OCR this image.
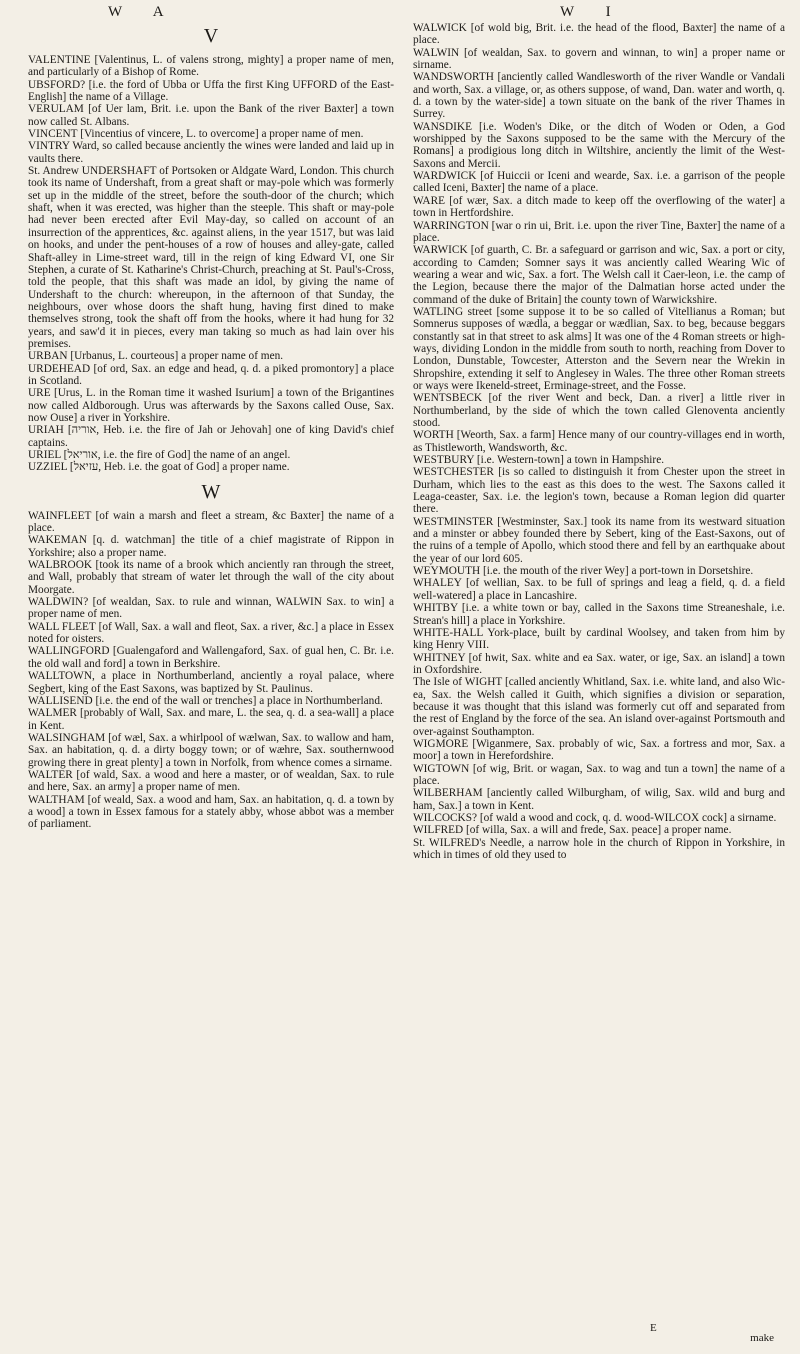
W A	W I
V

VALENTINE [Valentinus, L. of valens strong, mighty] a proper name of men, and particularly of a Bishop of Rome.

UBSFORD? [i.e. the ford of Ubba or Uffa the first King UFFORD of the East-English] the name of a Village.

VERULAM [of Uer lam, Brit. i.e. upon the Bank of the river Baxter] a town now called St. Albans.

VINCENT [Vincentius of vincere, L. to overcome] a proper name of men.

VINTRY Ward, so called because anciently the wines were landed and laid up in vaults there.

St. Andrew UNDERSHAFT of Portsoken or Aldgate Ward, London. This church took its name of Undershaft, from a great shaft or may-pole which was formerly set up in the middle of the street, before the south-door of the church; which shaft, when it was erected, was higher than the steeple. This shaft or may-pole had never been erected after Evil May-day, so called on account of an insurrection of the apprentices, &c. against aliens, in the year 1517, but was laid on hooks, and under the pent-houses of a row of houses and alley-gate, called Shaft-alley in Lime-street ward, till in the reign of king Edward VI, one Sir Stephen, a curate of St. Katharine's Christ-Church, preaching at St. Paul's-Cross, told the people, that this shaft was made an idol, by giving the name of Undershaft to the church: whereupon, in the afternoon of that Sunday, the neighbours, over whose doors the shaft hung, having first dined to make themselves strong, took the shaft off from the hooks, where it had hung for 32 years, and saw'd it in pieces, every man taking so much as had lain over his premises.

URBAN [Urbanus, L. courteous] a proper name of men.

URDEHEAD [of ord, Sax. an edge and head, q. d. a piked promontory] a place in Scotland.

URE [Urus, L. in the Roman time it washed Isurium] a town of the Brigantines now called Aldborough. Urus was afterwards by the Saxons called Ouse, Sax. now Ouse] a river in Yorkshire.

URIAH [אוריה, Heb. i.e. the fire of Jah or Jehovah] one of king David's chief captains.

URIEL [אוריאל, i.e. the fire of God] the name of an angel.

UZZIEL [עזיאל, Heb. i.e. the goat of God] a proper name.

W

WAINFLEET [of wain a marsh and fleet a stream, &c Baxter] the name of a place.

WAKEMAN [q. d. watchman] the title of a chief magistrate of Rippon in Yorkshire; also a proper name.

WALBROOK [took its name of a brook which anciently ran through the street, and Wall, probably that stream of water let through the wall of the city about Moorgate.

WALDWIN? [of wealdan, Sax. to rule and winnan, WALWIN Sax. to win] a proper name of men.

WALL FLEET [of Wall, Sax. a wall and fleot, Sax. a river, &c.] a place in Essex noted for oisters.

WALLINGFORD [Gualengaford and Wallengaford, Sax. of gual hen, C. Br. i.e. the old wall and ford] a town in Berkshire.

WALLTOWN, a place in Northumberland, anciently a royal palace, where Segbert, king of the East Saxons, was baptized by St. Paulinus.

WALLISEND [i.e. the end of the wall or trenches] a place in Northumberland.

WALMER [probably of Wall, Sax. and mare, L. the sea, q. d. a sea-wall] a place in Kent.

WALSINGHAM [of wæl, Sax. a whirlpool of wælwan, Sax. to wallow and ham, Sax. an habitation, q. d. a dirty boggy town; or of wæhre, Sax. southernwood growing there in great plenty] a town in Norfolk, from whence comes a sirname.

WALTER [of wald, Sax. a wood and here a master, or of wealdan, Sax. to rule and here, Sax. an army] a proper name of men.

WALTHAM [of weald, Sax. a wood and ham, Sax. an habitation, q. d. a town by a wood] a town in Essex famous for a stately abby, whose abbot was a member of parliament.

WALWICK [of wold big, Brit. i.e. the head of the flood, Baxter] the name of a place.

WALWIN [of wealdan, Sax. to govern and winnan, to win] a proper name or sirname.

WANDSWORTH [anciently called Wandlesworth of the river Wandle or Vandali and worth, Sax. a village, or, as others suppose, of wand, Dan. water and worth, q. d. a town by the water-side] a town situate on the bank of the river Thames in Surrey.

WANSDIKE [i.e. Woden's Dike, or the ditch of Woden or Oden, a God worshipped by the Saxons supposed to be the same with the Mercury of the Romans] a prodigious long ditch in Wiltshire, anciently the limit of the West-Saxons and Mercii.

WARDWICK [of Huiccii or Iceni and wearde, Sax. i.e. a garrison of the people called Iceni, Baxter] the name of a place.

WARE [of wær, Sax. a ditch made to keep off the overflowing of the water] a town in Hertfordshire.

WARRINGTON [war o rin ui, Brit. i.e. upon the river Tine, Baxter] the name of a place.

WARWICK [of guarth, C. Br. a safeguard or garrison and wic, Sax. a port or city, according to Camden; Somner says it was anciently called Wearing Wic of wearing a wear and wic, Sax. a fort. The Welsh call it Caer-leon, i.e. the camp of the Legion, because there the major of the Dalmatian horse acted under the command of the duke of Britain] the county town of Warwickshire.

WATLING street [some suppose it to be so called of Vitellianus a Roman; but Somnerus supposes of wædla, a beggar or wædlian, Sax. to beg, because beggars constantly sat in that street to ask alms] It was one of the 4 Roman streets or high-ways, dividing London in the middle from south to north, reaching from Dover to London, Dunstable, Towcester, Atterston and the Severn near the Wrekin in Shropshire, extending it self to Anglesey in Wales. The three other Roman streets or ways were Ikeneld-street, Erminage-street, and the Fosse.

WENTSBECK [of the river Went and beck, Dan. a river] a little river in Northumberland, by the side of which the town called Glenoventa anciently stood.

WORTH [Weorth, Sax. a farm] Hence many of our country-villages end in worth, as Thistleworth, Wandsworth, &c.

WESTBURY [i.e. Western-town] a town in Hampshire.

WESTCHESTER [is so called to distinguish it from Chester upon the street in Durham, which lies to the east as this does to the west. The Saxons called it Leaga-ceaster, Sax. i.e. the legion's town, because a Roman legion did quarter there.

WESTMINSTER [Westminster, Sax.] took its name from its westward situation and a minster or abbey founded there by Sebert, king of the East-Saxons, out of the ruins of a temple of Apollo, which stood there and fell by an earthquake about the year of our lord 605.

WEYMOUTH [i.e. the mouth of the river Wey] a port-town in Dorsetshire.

WHALEY [of wellian, Sax. to be full of springs and leag a field, q. d. a field well-watered] a place in Lancashire.

WHITBY [i.e. a white town or bay, called in the Saxons time Streaneshale, i.e. Strean's hill] a place in Yorkshire.

WHITE-HALL York-place, built by cardinal Woolsey, and taken from him by king Henry VIII.

WHITNEY [of hwit, Sax. white and ea Sax. water, or ige, Sax. an island] a town in Oxfordshire.

The Isle of WIGHT [called anciently Whitland, Sax. i.e. white land, and also Wic-ea, Sax. the Welsh called it Guith, which signifies a division or separation, because it was thought that this island was formerly cut off and separated from the rest of England by the force of the sea. An island over-against Portsmouth and over-against Southampton.

WIGMORE [Wiganmere, Sax. probably of wic, Sax. a fortress and mor, Sax. a moor] a town in Herefordshire.

WIGTOWN [of wig, Brit. or wagan, Sax. to wag and tun a town] the name of a place.

WILBERHAM [anciently called Wilburgham, of wilig, Sax. wild and burg and ham, Sax.] a town in Kent.

WILCOCKS? [of wald a wood and cock, q. d. wood-WILCOX cock] a sirname.

WILFRED [of willa, Sax. a will and frede, Sax. peace] a proper name.

St. WILFRED's Needle, a narrow hole in the church of Rippon in Yorkshire, in which in times of old they used to

E
make
